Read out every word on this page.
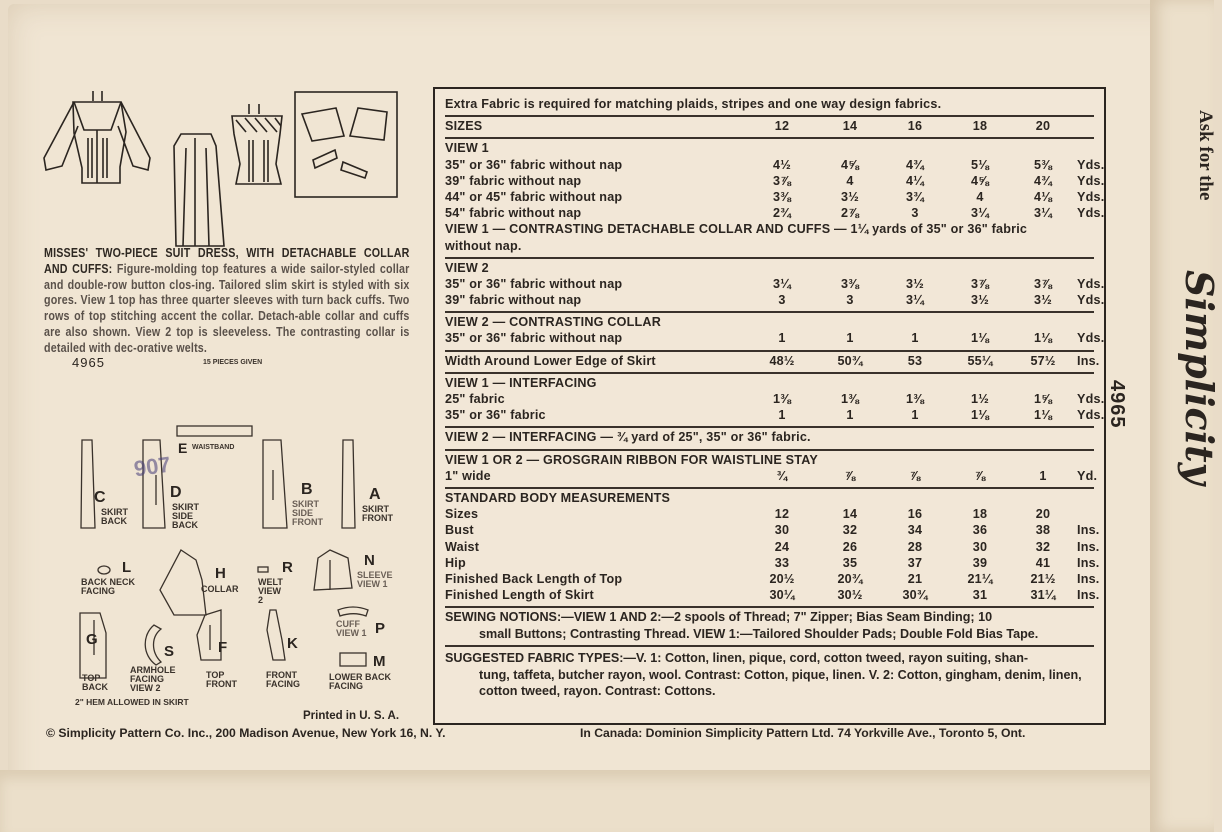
MISSES' TWO-PIECE SUIT DRESS, WITH DETACHABLE COLLAR AND CUFFS: Figure-molding top features a wide sailor-styled collar and double-row button clos-ing. Tailored slim skirt is styled with six gores. View 1 top has three quarter sleeves with turn back cuffs. Two rows of top stitching accent the collar. Detach-able collar and cuffs are also shown. View 2 top is sleeveless. The contrasting collar is detailed with dec-orative welts.
4965	15 PIECES GIVEN
C
SKIRT BACK
D
SKIRT SIDE BACK
907
E WAISTBAND
B
SKIRT SIDE FRONT
A
SKIRT FRONT
L
BACK NECK FACING
H
COLLAR
R
WELT VIEW 2
N
SLEEVE VIEW 1
G
TOP BACK
S
ARMHOLE FACING VIEW 2
F
TOP FRONT
K
FRONT FACING
P
CUFF VIEW 1
M
LOWER BACK FACING
2" HEM ALLOWED IN SKIRT
Printed in U. S. A.
Extra Fabric is required for matching plaids, stripes and one way design fabrics.
SIZES	12	14	16	18	20
VIEW 1
35" or 36" fabric without nap	4½	4⅝	4¾	5⅛	5⅜	Yds.
39" fabric without nap	3⅞	4	4¼	4⅝	4¾	Yds.
44" or 45" fabric without nap	3⅜	3½	3¾	4	4⅛	Yds.
54" fabric without nap	2¾	2⅞	3	3¼	3¼	Yds.
VIEW 1 — CONTRASTING DETACHABLE COLLAR AND CUFFS — 1¼ yards of 35" or 36" fabric
without nap.
VIEW 2
35" or 36" fabric without nap	3¼	3⅜	3½	3⅞	3⅞	Yds.
39" fabric without nap	3	3	3¼	3½	3½	Yds.
VIEW 2 — CONTRASTING COLLAR
35" or 36" fabric without nap	1	1	1	1⅛	1⅛	Yds.
Width Around Lower Edge of Skirt	48½	50¾	53	55¼	57½	Ins.
VIEW 1 — INTERFACING
25" fabric	1⅜	1⅜	1⅜	1½	1⅝	Yds.
35" or 36" fabric	1	1	1	1⅛	1⅛	Yds.
VIEW 2 — INTERFACING — ¾ yard of 25", 35" or 36" fabric.
VIEW 1 OR 2 — GROSGRAIN RIBBON FOR WAISTLINE STAY
1" wide	¾	⅞	⅞	⅞	1	Yd.
STANDARD BODY MEASUREMENTS
Sizes	12	14	16	18	20
Bust	30	32	34	36	38	Ins.
Waist	24	26	28	30	32	Ins.
Hip	33	35	37	39	41	Ins.
Finished Back Length of Top	20½	20¾	21	21¼	21½	Ins.
Finished Length of Skirt	30¼	30½	30¾	31	31¼	Ins.
SEWING NOTIONS:—VIEW 1 AND 2:—2 spools of Thread; 7" Zipper; Bias Seam Binding; 10
small Buttons; Contrasting Thread. VIEW 1:—Tailored Shoulder Pads; Double Fold Bias Tape.
SUGGESTED FABRIC TYPES:—V. 1: Cotton, linen, pique, cord, cotton tweed, rayon suiting, shan-
tung, taffeta, butcher rayon, wool. Contrast: Cotton, pique, linen. V. 2: Cotton, gingham, denim, linen, cotton tweed, rayon. Contrast: Cottons.
© Simplicity Pattern Co. Inc., 200 Madison Avenue, New York 16, N. Y.	In Canada: Dominion Simplicity Pattern Ltd. 74 Yorkville Ave., Toronto 5, Ont.
4965
Ask for the
Simplicity
